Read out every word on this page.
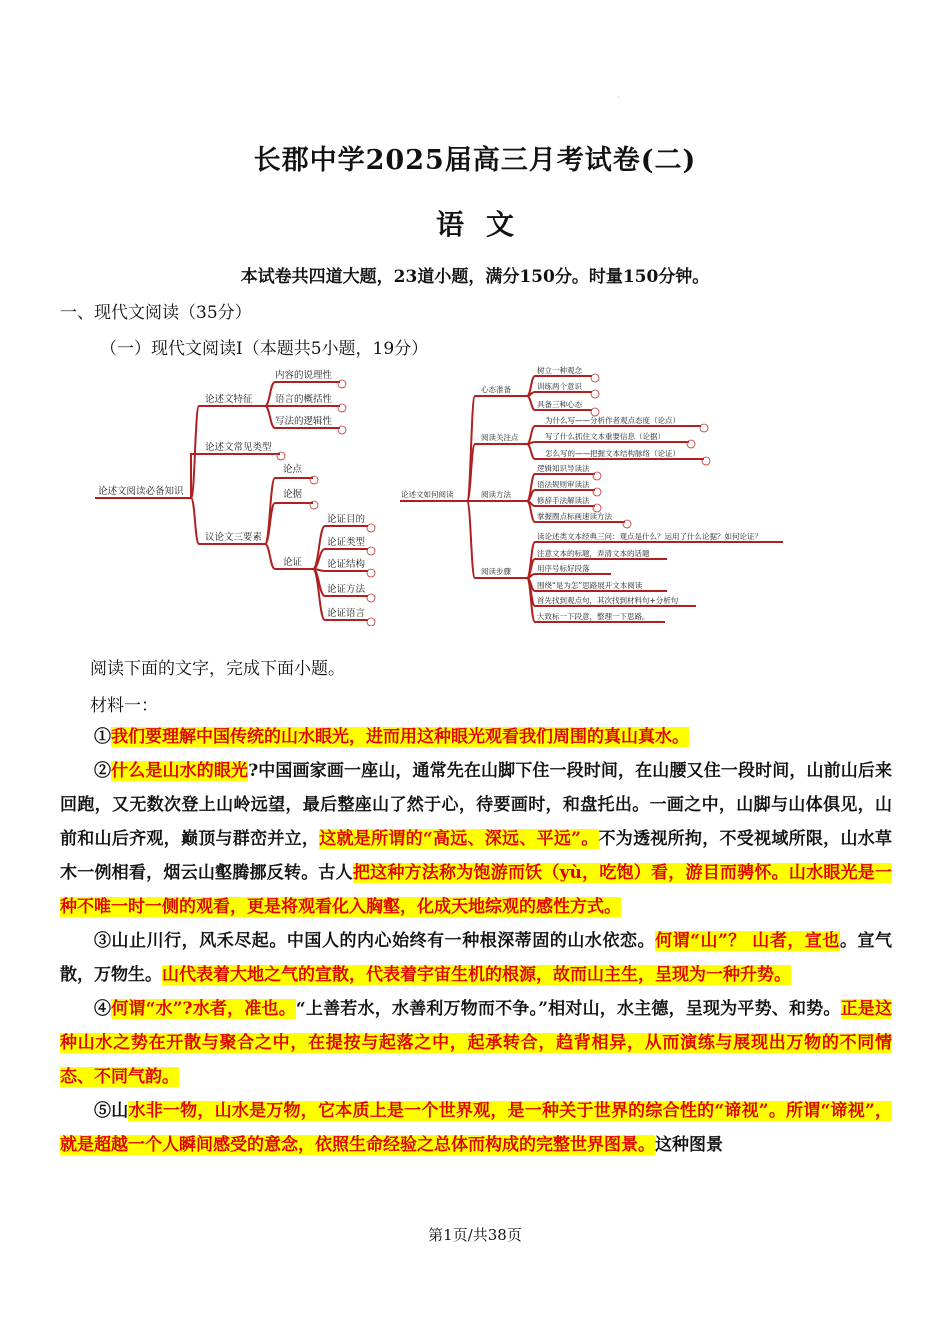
·
长郡中学2025届高三月考试卷(二)
语文
本试卷共四道大题，23道小题，满分150分。时量150分钟。
一、现代文阅读（35分）
（一）现代文阅读I（本题共5小题，19分）
论述文阅读必备知识
论述文特征
内容的说理性
语言的概括性
写法的逻辑性
论述文常见类型
议论文三要素
论点
论据
论证
论证目的
论证类型
论证结构
论证方法
论证语言
论述文如何阅读
心态准备
阅读关注点
阅读方法
阅读步骤
树立一种观念
训练两个意识
具备三种心态
为什么写——分析作者观点态度（论点）
写了什么抓住文本重要信息（论据）
怎么写的——把握文本结构脉络（论证）
逻辑知识导读法
语法规则审读法
修辞手法解读法
掌握圈点标画速读方法
读论述类文本经典三问：观点是什么？运用了什么论据？如何论证？
注意文本的标题，弄清文本的话题
用序号标好段落
围绕“是为怎”思路展开文本阅读
首先找到观点句，其次找到材料句+分析句
大致标一下段意，整理一下思路。
阅读下面的文字，完成下面小题。
材料一：

①我们要理解中国传统的山水眼光，进而用这种眼光观看我们周围的真山真水。

②什么是山水的眼光?中国画家画一座山，通常先在山脚下住一段时间，在山腰又住一段时间，山前山后来回跑，又无数次登上山岭远望，最后整座山了然于心，待要画时，和盘托出。一画之中，山脚与山体俱见，山前和山后齐观，巅顶与群峦并立，这就是所谓的“高远、深远、平远”。不为透视所拘，不受视域所限，山水草木一例相看，烟云山壑腾挪反转。古人把这种方法称为饱游而饫（yù，吃饱）看，游目而骋怀。山水眼光是一种不唯一时一侧的观看，更是将观看化入胸壑，化成天地综观的感性方式。

③山止川行，风禾尽起。中国人的内心始终有一种根深蒂固的山水依恋。何谓“山”？ 山者，宣也。宣气散，万物生。山代表着大地之气的宣散，代表着宇宙生机的根源，故而山主生，呈现为一种升势。

④何谓“水”?水者，准也。“上善若水，水善利万物而不争。”相对山，水主德，呈现为平势、和势。正是这种山水之势在开散与聚合之中，在提按与起落之中，起承转合，趋背相异，从而演练与展现出万物的不同情态、不同气韵。

⑤山水非一物，山水是万物，它本质上是一个世界观，是一种关于世界的综合性的“谛视”。所谓“谛视”，就是超越一个人瞬间感受的意念，依照生命经验之总体而构成的完整世界图景。这种图景

第1页/共38页
